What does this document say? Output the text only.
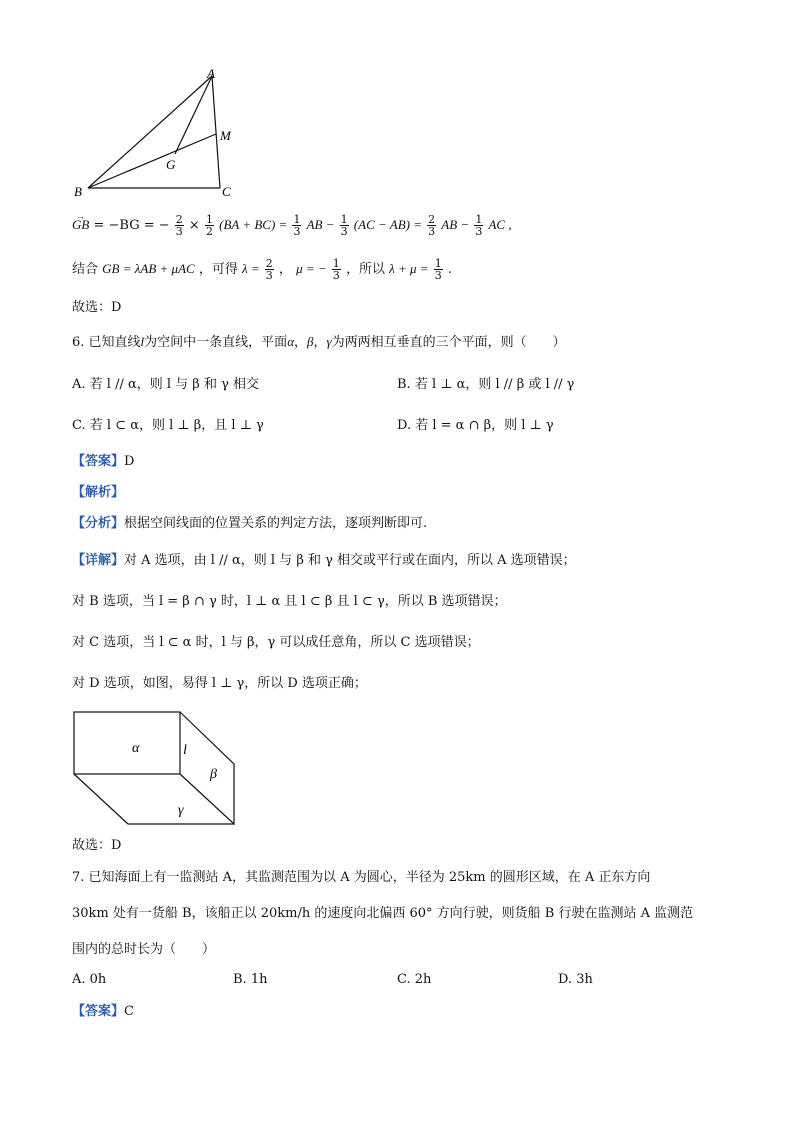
A
B	C
G
M
→ GB = −BG = − $\frac{2}{3} \times \frac{1}{2} (BA + BC) = \frac{1}{3}$ AB − $\frac{1}{3} (AC - AB) = \frac{2}{3}$ AB − $\frac{1}{3}$ AC ,
结合 GB = λAB + μAC ，可得 $\lambda = \frac{2}{3}$ ， μ = − $\frac{1}{3}$ ，所以 $\lambda + \mu = \frac{1}{3}$ .
故选：D
6. 已知直线l为空间中一条直线，平面α，β，γ为两两相互垂直的三个平面，则（　　）
A. 若 l // α，则 l 与 β 和 γ 相交	B. 若 l ⊥ α，则 l // β 或 l // γ
C. 若 l ⊂ α，则 l ⊥ β，且 l ⊥ γ	D. 若 l = α ∩ β，则 l ⊥ γ
【答案】D
【解析】
【分析】根据空间线面的位置关系的判定方法，逐项判断即可.
【详解】对 A 选项，由 l // α，则 l 与 β 和 γ 相交或平行或在面内，所以 A 选项错误；
对 B 选项，当 l = β ∩ γ 时，l ⊥ α 且 l ⊂ β 且 l ⊂ γ，所以 B 选项错误；
对 C 选项，当 l ⊂ α 时，l 与 β，γ 可以成任意角，所以 C 选项错误；
对 D 选项，如图，易得 l ⊥ γ，所以 D 选项正确；
α	l
β
γ
故选：D
7. 已知海面上有一监测站 A，其监测范围为以 A 为圆心，半径为 25km 的圆形区域，在 A 正东方向
30km 处有一货船 B，该船正以 20km/h 的速度向北偏西 60° 方向行驶，则货船 B 行驶在监测站 A 监测范
围内的总时长为（　　）
A. 0h	B. 1h	C. 2h	D. 3h
【答案】C
